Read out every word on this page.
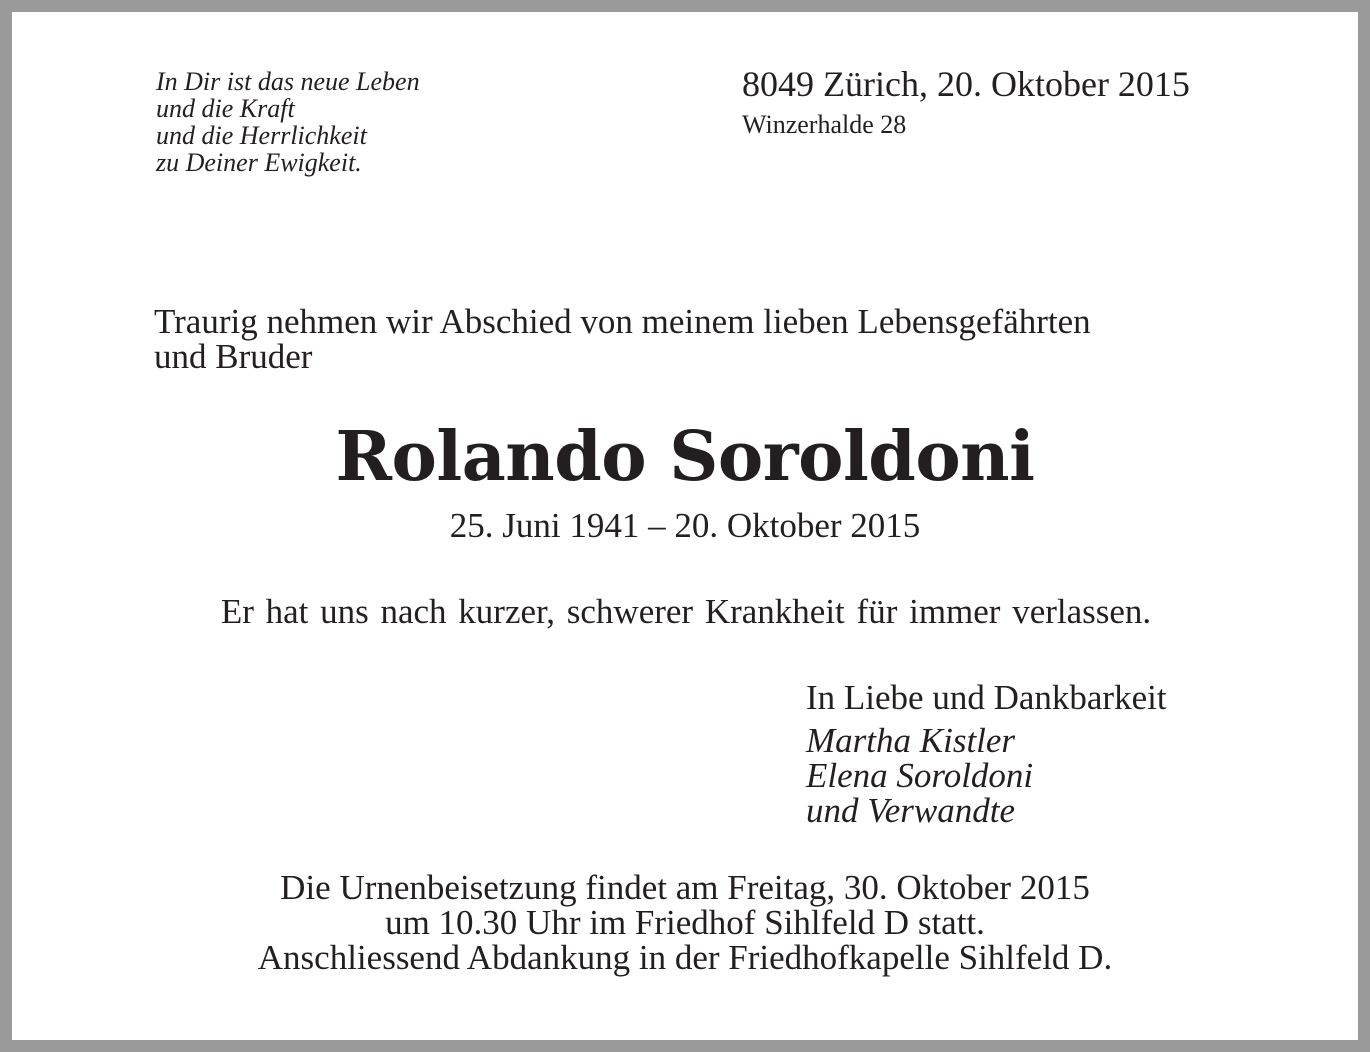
In Dir ist das neue Leben
und die Kraft
und die Herrlichkeit
zu Deiner Ewigkeit.
8049 Zürich, 20. Oktober 2015
Winzerhalde 28
Traurig nehmen wir Abschied von meinem lieben Lebensgefährten
und Bruder
Rolando Soroldoni
25. Juni 1941 – 20. Oktober 2015
Er hat uns nach kurzer, schwerer Krankheit für immer verlassen.
In Liebe und Dankbarkeit
Martha Kistler
Elena Soroldoni
und Verwandte
Die Urnenbeisetzung findet am Freitag, 30. Oktober 2015
um 10.30 Uhr im Friedhof Sihlfeld D statt.
Anschliessend Abdankung in der Friedhofkapelle Sihlfeld D.
